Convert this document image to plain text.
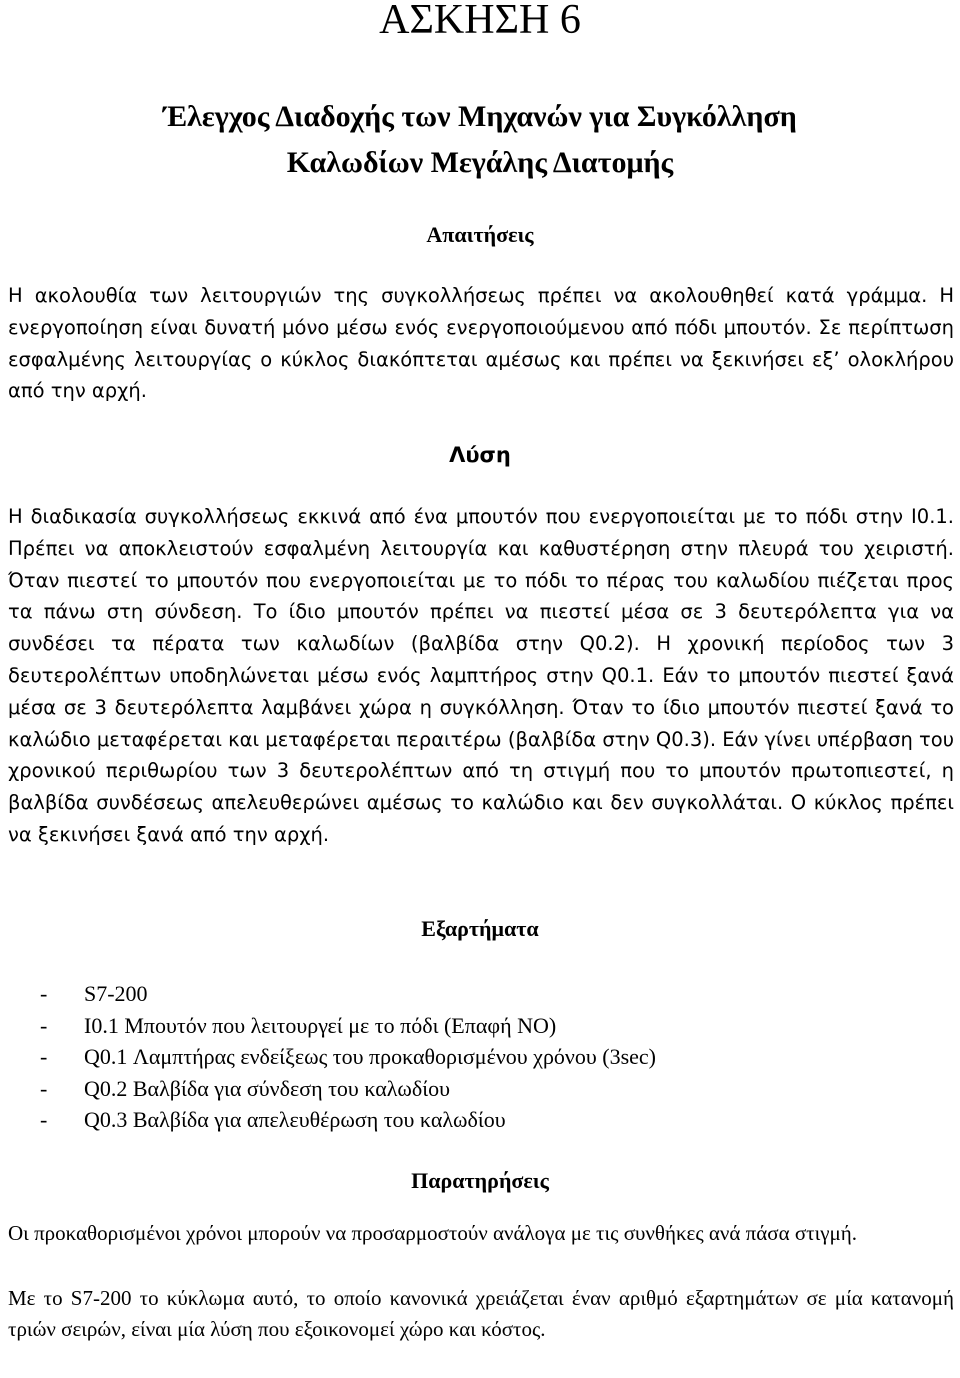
ΑΣΚΗΣΗ 6
Έλεγχος Διαδοχής των Μηχανών για Συγκόλληση
Καλωδίων Μεγάλης Διατομής
Απαιτήσεις

Η ακολουθία των λειτουργιών της συγκολλήσεως πρέπει να ακολουθηθεί κατά γράμμα. Η ενεργοποίηση είναι δυνατή μόνο μέσω ενός ενεργοποιούμενου από πόδι μπουτόν. Σε περίπτωση εσφαλμένης λειτουργίας ο κύκλος διακόπτεται αμέσως και πρέπει να ξεκινήσει εξ’ ολοκλήρου από την αρχή.

Λύση

Η διαδικασία συγκολλήσεως εκκινά από ένα μπουτόν που ενεργοποιείται με το πόδι στην I0.1. Πρέπει να αποκλειστούν εσφαλμένη λειτουργία και καθυστέρηση στην πλευρά του χειριστή. Όταν πιεστεί το μπουτόν που ενεργοποιείται με το πόδι το πέρας του καλωδίου πιέζεται προς τα πάνω στη σύνδεση. Το ίδιο μπουτόν πρέπει να πιεστεί μέσα σε 3 δευτερόλεπτα για να συνδέσει τα πέρατα των καλωδίων (βαλβίδα στην Q0.2). Η χρονική περίοδος των 3 δευτερολέπτων υποδηλώνεται μέσω ενός λαμπτήρος στην Q0.1. Εάν το μπουτόν πιεστεί ξανά μέσα σε 3 δευτερόλεπτα λαμβάνει χώρα η συγκόλληση. Όταν το ίδιο μπουτόν πιεστεί ξανά το καλώδιο μεταφέρεται και μεταφέρεται περαιτέρω (βαλβίδα στην Q0.3). Εάν γίνει υπέρβαση του χρονικού περιθωρίου των 3 δευτερολέπτων από τη στιγμή που το μπουτόν πρωτοπιεστεί, η βαλβίδα συνδέσεως απελευθερώνει αμέσως το καλώδιο και δεν συγκολλάται. Ο κύκλος πρέπει να ξεκινήσει ξανά από την αρχή.

Εξαρτήματα
- S7-200
- I0.1 Μπουτόν που λειτουργεί με το πόδι (Επαφή NO)
- Q0.1 Λαμπτήρας ενδείξεως του προκαθορισμένου χρόνου (3sec)
- Q0.2 Βαλβίδα για σύνδεση του καλωδίου
- Q0.3 Βαλβίδα για απελευθέρωση του καλωδίου
Παρατηρήσεις

Οι προκαθορισμένοι χρόνοι μπορούν να προσαρμοστούν ανάλογα με τις συνθήκες ανά πάσα στιγμή.

Με το S7-200 το κύκλωμα αυτό, το οποίο κανονικά χρειάζεται έναν αριθμό εξαρτημάτων σε μία κατανομή τριών σειρών, είναι μία λύση που εξοικονομεί χώρο και κόστος.
